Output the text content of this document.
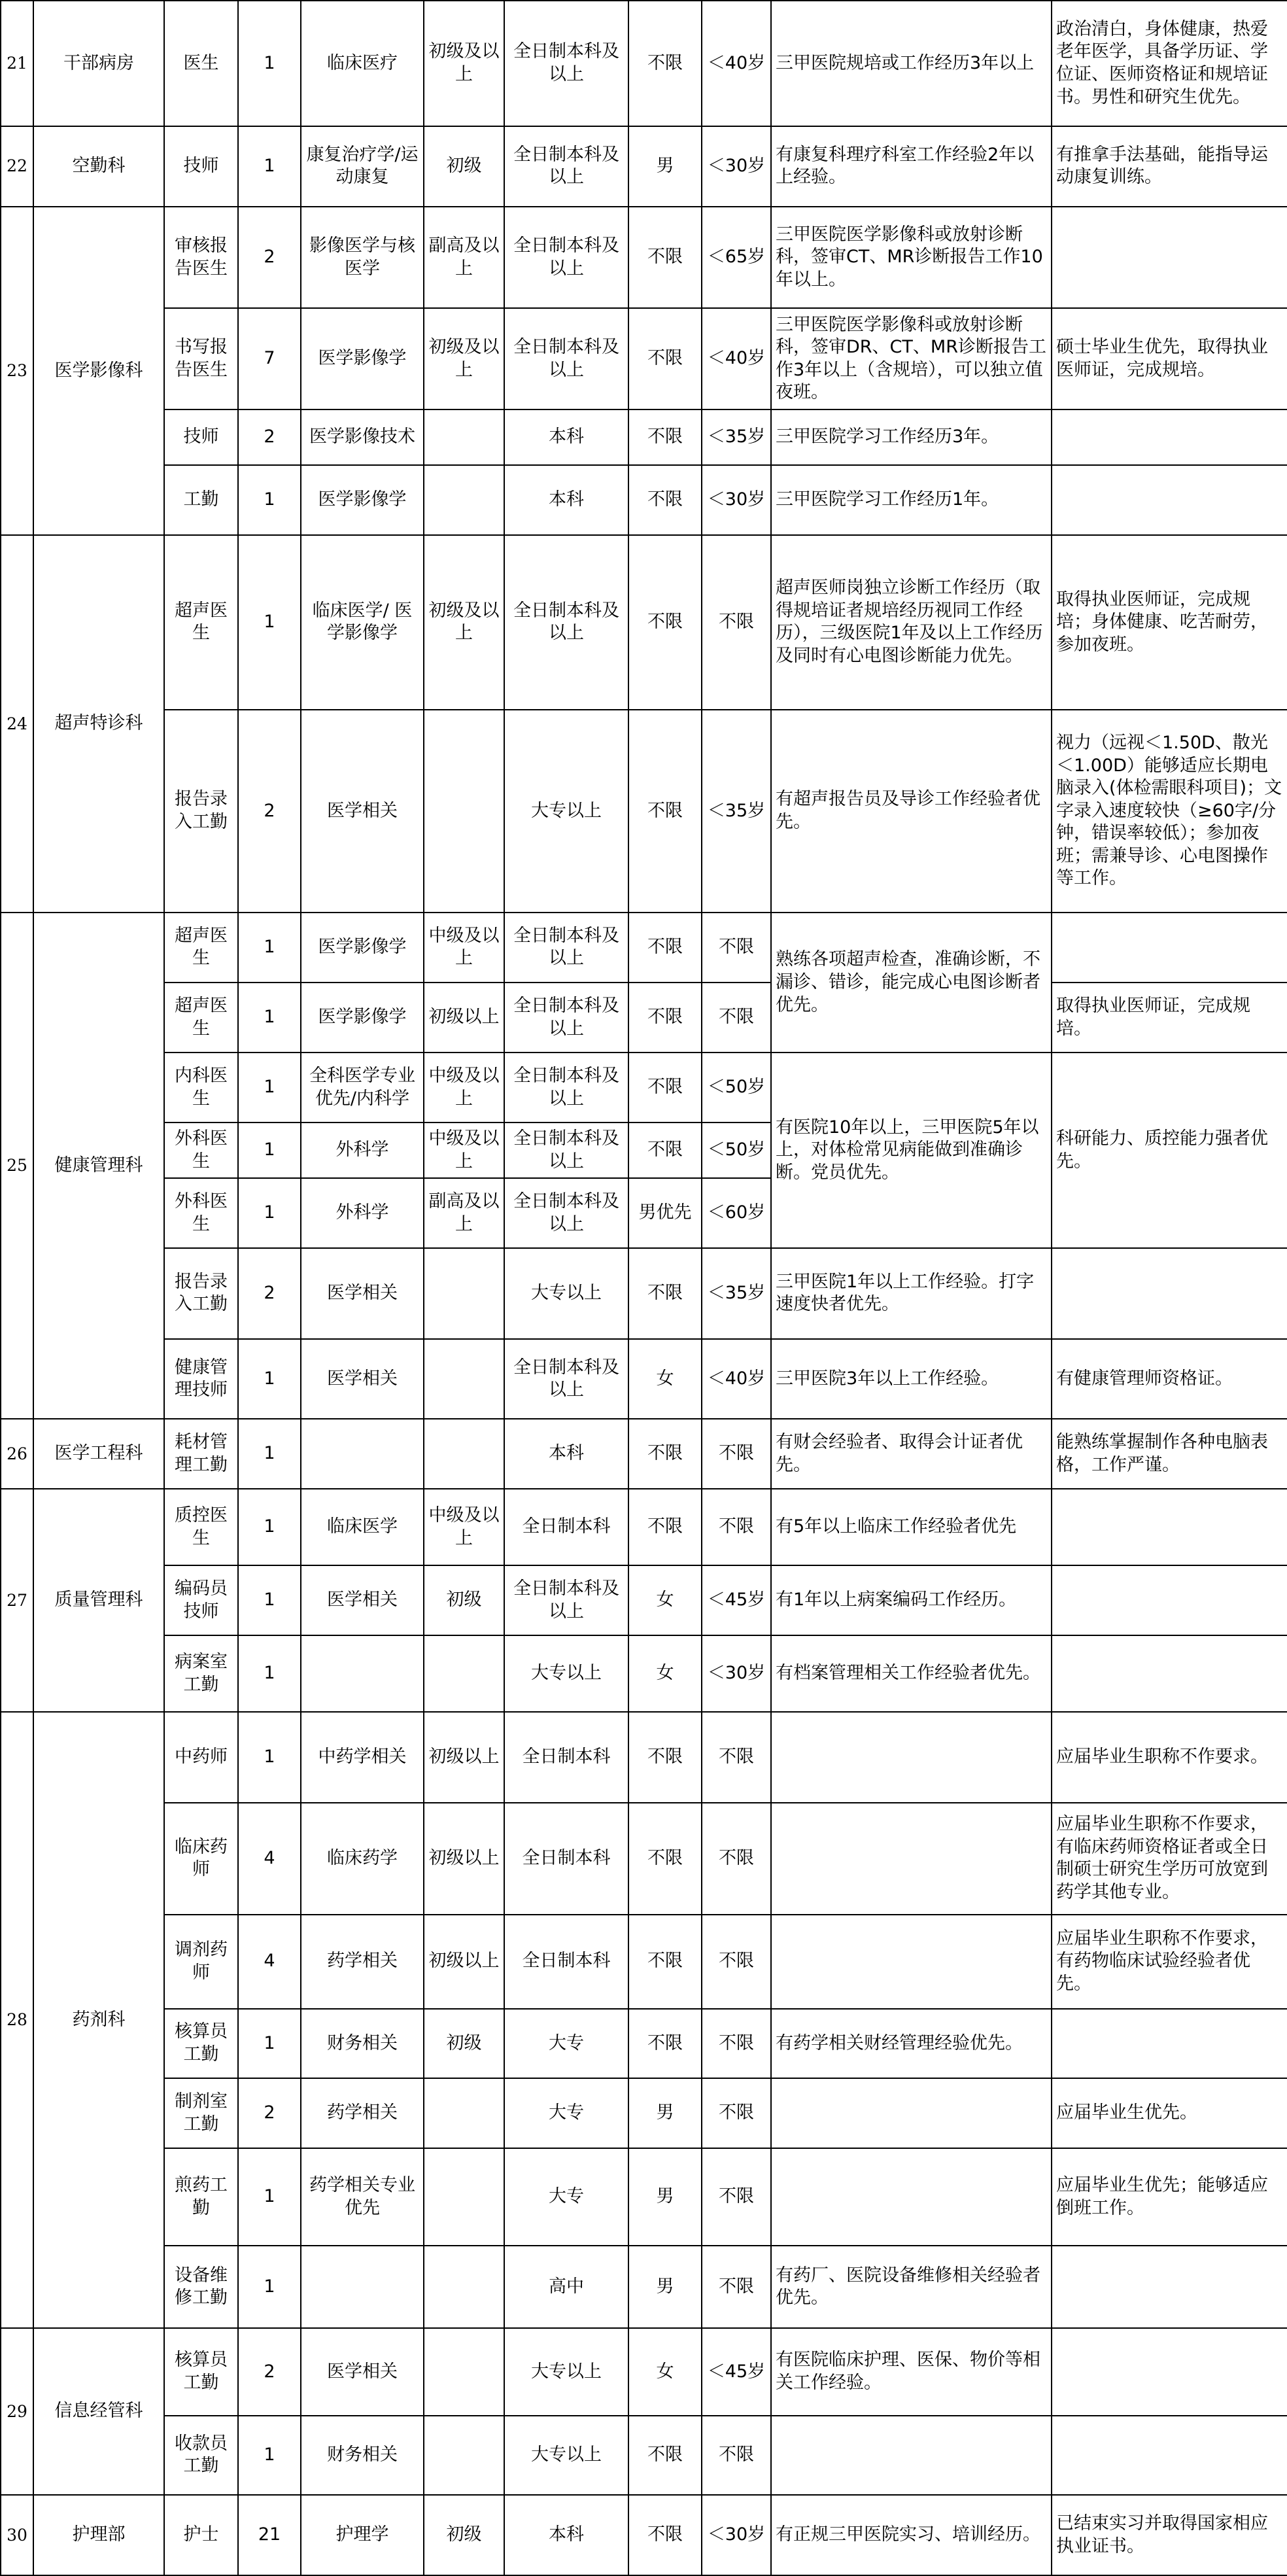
21	干部病房	医生	1	临床医疗	初级及以上	全日制本科及以上	不限	＜40岁	三甲医院规培或工作经历3年以上	政治清白，身体健康，热爱老年医学，具备学历证、学位证、医师资格证和规培证书。男性和研究生优先。
22	空勤科	技师	1	康复治疗学/运动康复	初级	全日制本科及以上	男	＜30岁	有康复科理疗科室工作经验2年以上经验。	有推拿手法基础，能指导运动康复训练。
23	医学影像科	审核报告医生	2	影像医学与核医学	副高及以上	全日制本科及以上	不限	＜65岁	三甲医院医学影像科或放射诊断科，签审CT、MR诊断报告工作10年以上。	
		书写报告医生	7	医学影像学	初级及以上	全日制本科及以上	不限	＜40岁	三甲医院医学影像科或放射诊断科，签审DR、CT、MR诊断报告工作3年以上（含规培），可以独立值夜班。	硕士毕业生优先，取得执业医师证，完成规培。
		技师	2	医学影像技术		本科	不限	＜35岁	三甲医院学习工作经历3年。	
		工勤	1	医学影像学		本科	不限	＜30岁	三甲医院学习工作经历1年。	
24	超声特诊科	超声医生	1	临床医学/ 医学影像学	初级及以上	全日制本科及以上	不限	不限	超声医师岗独立诊断工作经历（取得规培证者规培经历视同工作经历），三级医院1年及以上工作经历及同时有心电图诊断能力优先。	取得执业医师证，完成规培；身体健康、吃苦耐劳，参加夜班。
		报告录入工勤	2	医学相关		大专以上	不限	＜35岁	有超声报告员及导诊工作经验者优先。	视力（远视＜1.50D、散光＜1.00D）能够适应长期电脑录入(体检需眼科项目)；文字录入速度较快（≥60字/分钟，错误率较低）；参加夜班；需兼导诊、心电图操作等工作。
25	健康管理科	超声医生	1	医学影像学	中级及以上	全日制本科及以上	不限	不限	熟练各项超声检查，准确诊断，不漏诊、错诊，能完成心电图诊断者优先。	
		超声医生	1	医学影像学	初级以上	全日制本科及以上	不限	不限		取得执业医师证，完成规培。
		内科医生	1	全科医学专业优先/内科学	中级及以上	全日制本科及以上	不限	＜50岁	有医院10年以上，三甲医院5年以上，对体检常见病能做到准确诊断。党员优先。	科研能力、质控能力强者优先。
		外科医生	1	外科学	中级及以上	全日制本科及以上	不限	＜50岁		
		外科医生	1	外科学	副高及以上	全日制本科及以上	男优先	＜60岁		
		报告录入工勤	2	医学相关		大专以上	不限	＜35岁	三甲医院1年以上工作经验。打字速度快者优先。	
		健康管理技师	1	医学相关		全日制本科及以上	女	＜40岁	三甲医院3年以上工作经验。	有健康管理师资格证。
26	医学工程科	耗材管理工勤	1			本科	不限	不限	有财会经验者、取得会计证者优先。	能熟练掌握制作各种电脑表格，工作严谨。
27	质量管理科	质控医生	1	临床医学	中级及以上	全日制本科	不限	不限	有5年以上临床工作经验者优先	
		编码员技师	1	医学相关	初级	全日制本科及以上	女	＜45岁	有1年以上病案编码工作经历。	
		病案室工勤	1			大专以上	女	＜30岁	有档案管理相关工作经验者优先。	
28	药剂科	中药师	1	中药学相关	初级以上	全日制本科	不限	不限		应届毕业生职称不作要求。
		临床药师	4	临床药学	初级以上	全日制本科	不限	不限		应届毕业生职称不作要求，有临床药师资格证者或全日制硕士研究生学历可放宽到药学其他专业。
		调剂药师	4	药学相关	初级以上	全日制本科	不限	不限		应届毕业生职称不作要求，有药物临床试验经验者优先。
		核算员工勤	1	财务相关	初级	大专	不限	不限	有药学相关财经管理经验优先。	
		制剂室工勤	2	药学相关		大专	男	不限		应届毕业生优先。
		煎药工勤	1	药学相关专业优先		大专	男	不限		应届毕业生优先；能够适应倒班工作。
		设备维修工勤	1			高中	男	不限	有药厂、医院设备维修相关经验者优先。	
29	信息经管科	核算员工勤	2	医学相关		大专以上	女	＜45岁	有医院临床护理、医保、物价等相关工作经验。	
		收款员工勤	1	财务相关		大专以上	不限	不限		
30	护理部	护士	21	护理学	初级	本科	不限	＜30岁	有正规三甲医院实习、培训经历。	已结束实习并取得国家相应执业证书。
